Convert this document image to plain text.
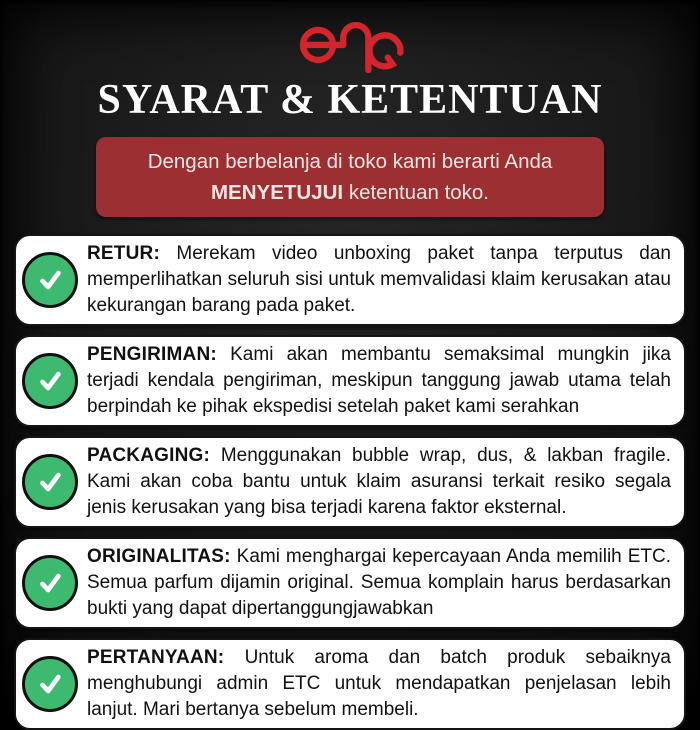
SYARAT & KETENTUAN
Dengan berbelanja di toko kami berarti Anda
MENYETUJUI ketentuan toko.

RETUR: Merekam video unboxing paket tanpa terputus dan memperlihatkan seluruh sisi untuk memvalidasi klaim kerusakan atau kekurangan barang pada paket.

PENGIRIMAN: Kami akan membantu semaksimal mungkin jika terjadi kendala pengiriman, meskipun tanggung jawab utama telah berpindah ke pihak ekspedisi setelah paket kami serahkan

PACKAGING: Menggunakan bubble wrap, dus, & lakban fragile. Kami akan coba bantu untuk klaim asuransi terkait resiko segala jenis kerusakan yang bisa terjadi karena faktor eksternal.

ORIGINALITAS: Kami menghargai kepercayaan Anda memilih ETC. Semua parfum dijamin original. Semua komplain harus berdasarkan bukti yang dapat dipertanggungjawabkan

PERTANYAAN: Untuk aroma dan batch produk sebaiknya menghubungi admin ETC untuk mendapatkan penjelasan lebih lanjut. Mari bertanya sebelum membeli.
